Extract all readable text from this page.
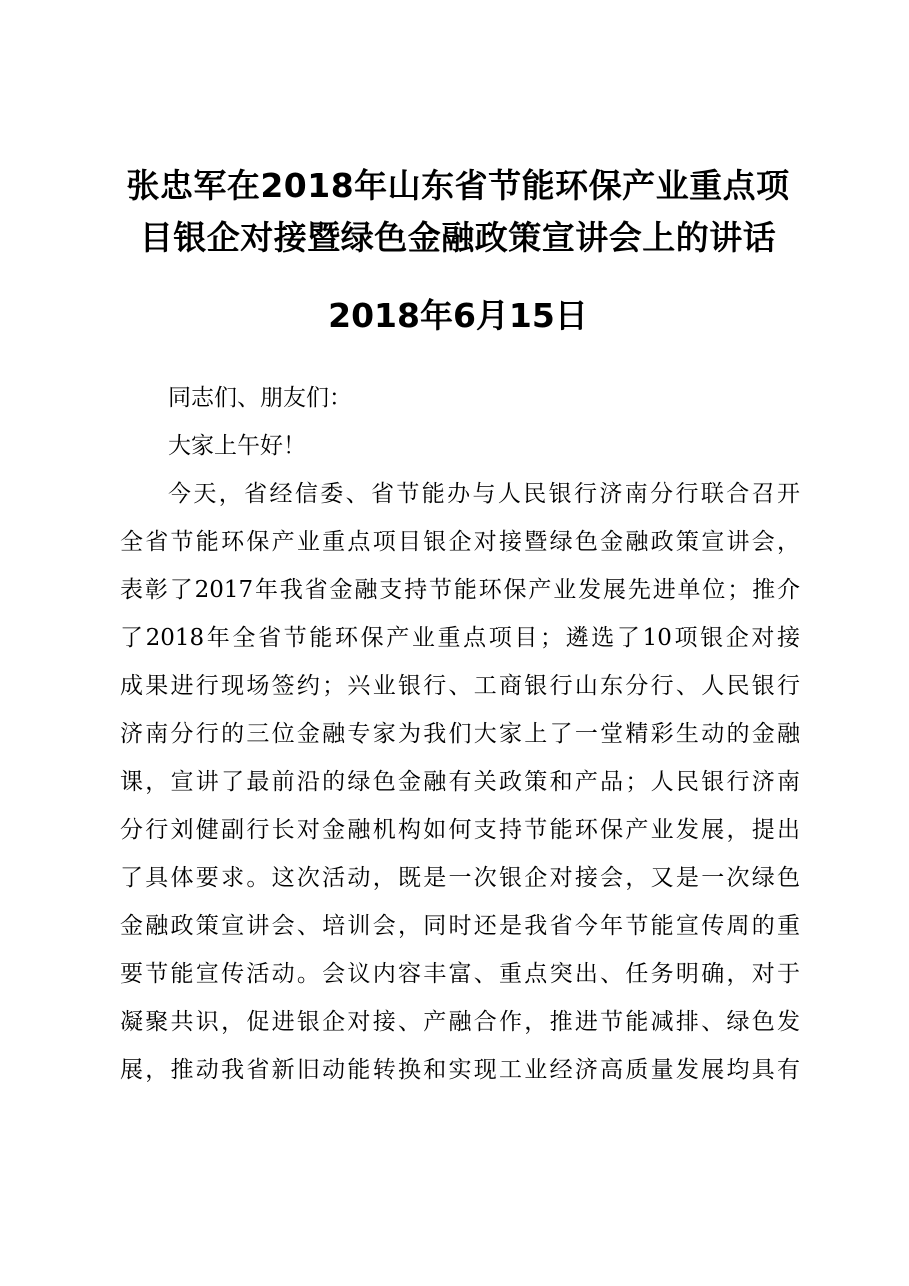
张忠军在2018年山东省节能环保产业重点项
目银企对接暨绿色金融政策宣讲会上的讲话
2018年6月15日
同志们、朋友们：
大家上午好！
今天，省经信委、省节能办与人民银行济南分行联合召开
全省节能环保产业重点项目银企对接暨绿色金融政策宣讲会，
表彰了2017年我省金融支持节能环保产业发展先进单位；推介
了2018年全省节能环保产业重点项目；遴选了10项银企对接
成果进行现场签约；兴业银行、工商银行山东分行、人民银行
济南分行的三位金融专家为我们大家上了一堂精彩生动的金融
课，宣讲了最前沿的绿色金融有关政策和产品；人民银行济南
分行刘健副行长对金融机构如何支持节能环保产业发展，提出
了具体要求。这次活动，既是一次银企对接会，又是一次绿色
金融政策宣讲会、培训会，同时还是我省今年节能宣传周的重
要节能宣传活动。会议内容丰富、重点突出、任务明确，对于
凝聚共识，促进银企对接、产融合作，推进节能减排、绿色发
展，推动我省新旧动能转换和实现工业经济高质量发展均具有
